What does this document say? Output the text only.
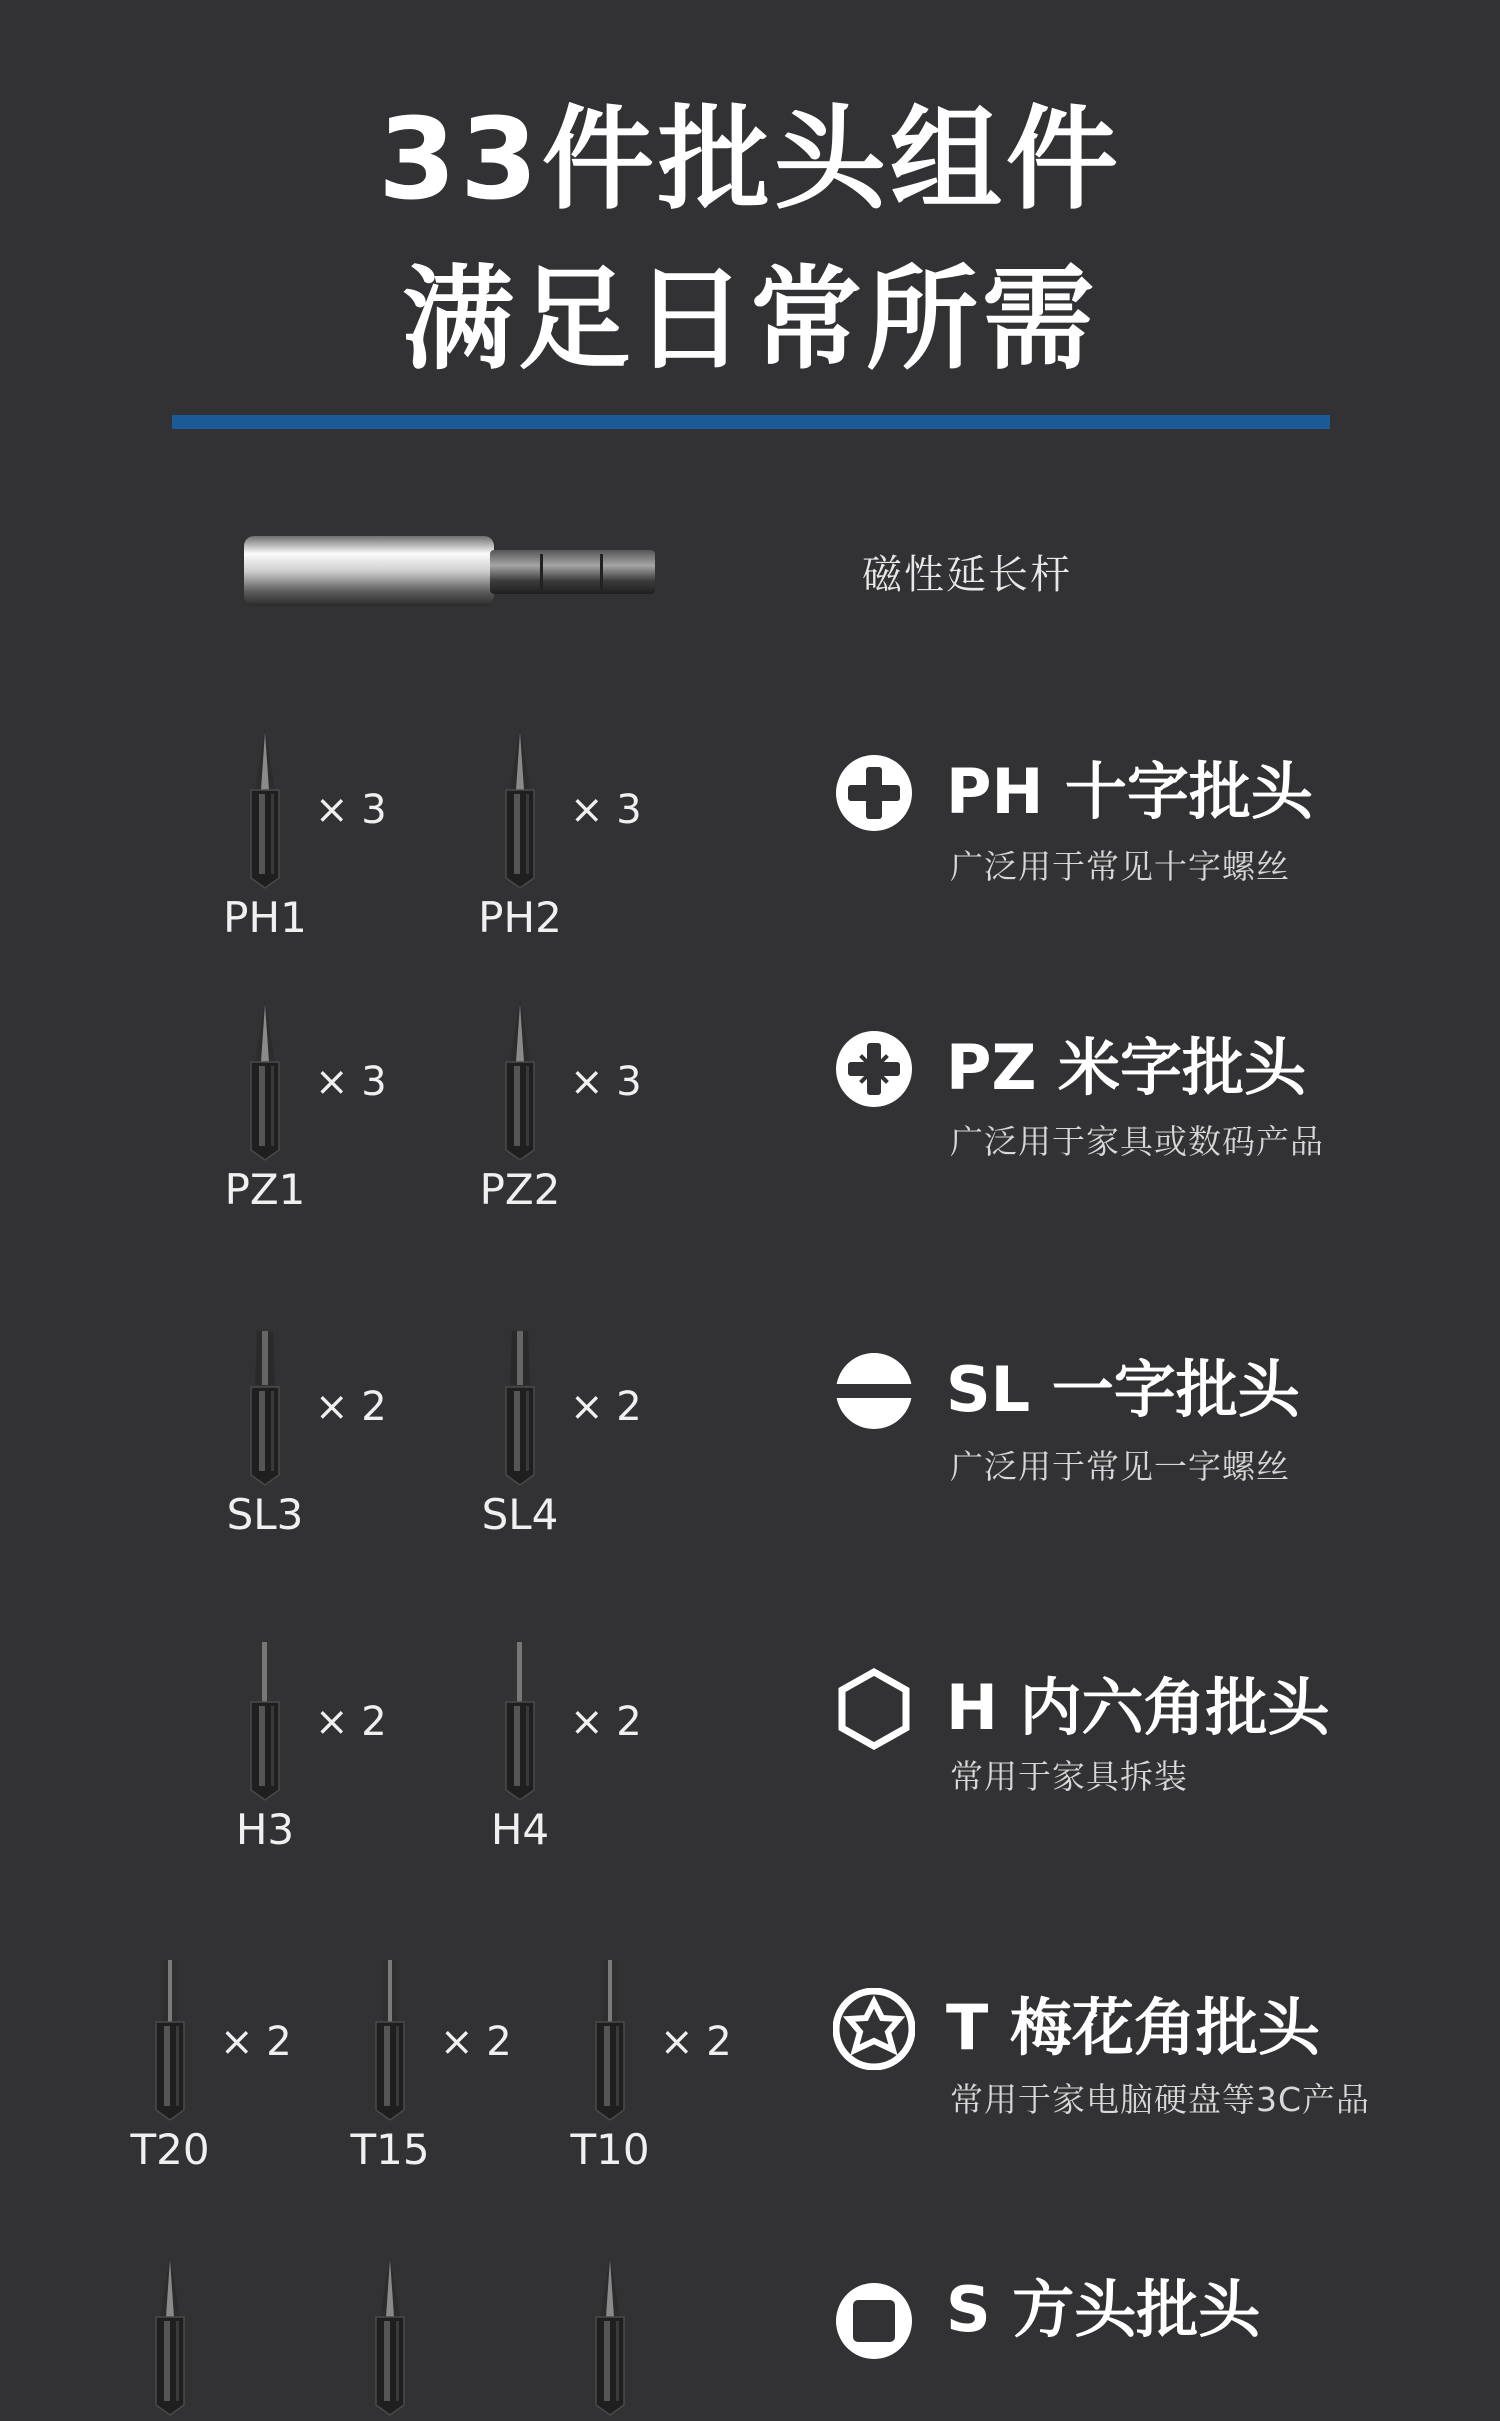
33件批头组件
满足日常所需
磁性延长杆
× 3
PH1
× 3
PH2
PH 十字批头
广泛用于常见十字螺丝
× 3
PZ1
× 3
PZ2
PZ 米字批头
广泛用于家具或数码产品
× 2
SL3
× 2
SL4
SL 一字批头
广泛用于常见一字螺丝
× 2
H3
× 2
H4
H 内六角批头
常用于家具拆装
× 2
T20
× 2
T15
× 2
T10
T 梅花角批头
常用于家电脑硬盘等3C产品
S 方头批头
